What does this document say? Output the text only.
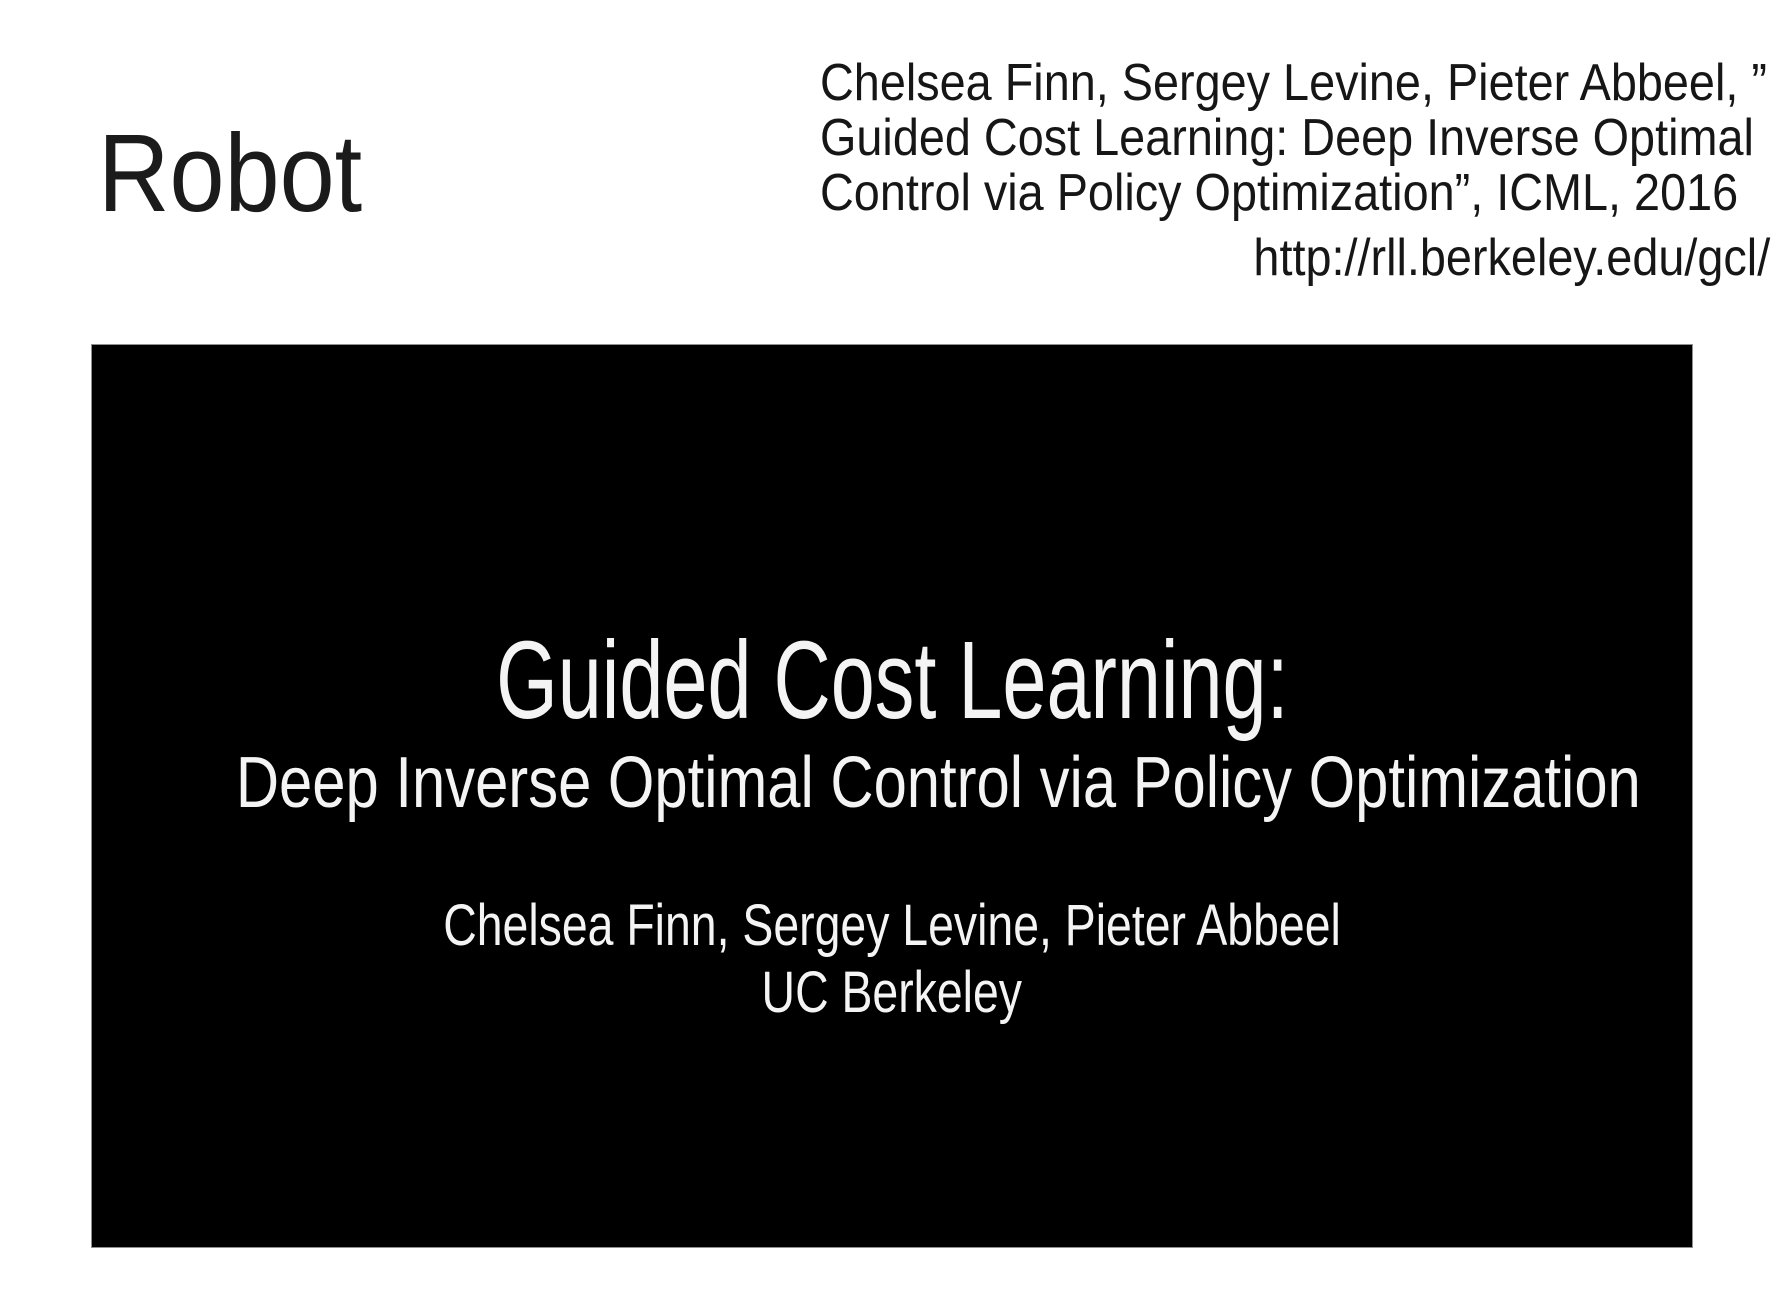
Robot
Chelsea Finn, Sergey Levine, Pieter Abbeel, ”
Guided Cost Learning: Deep Inverse Optimal
Control via Policy Optimization”, ICML, 2016
http://rll.berkeley.edu/gcl/
Guided Cost Learning:
Deep Inverse Optimal Control via Policy Optimization
Chelsea Finn, Sergey Levine, Pieter Abbeel
UC Berkeley
